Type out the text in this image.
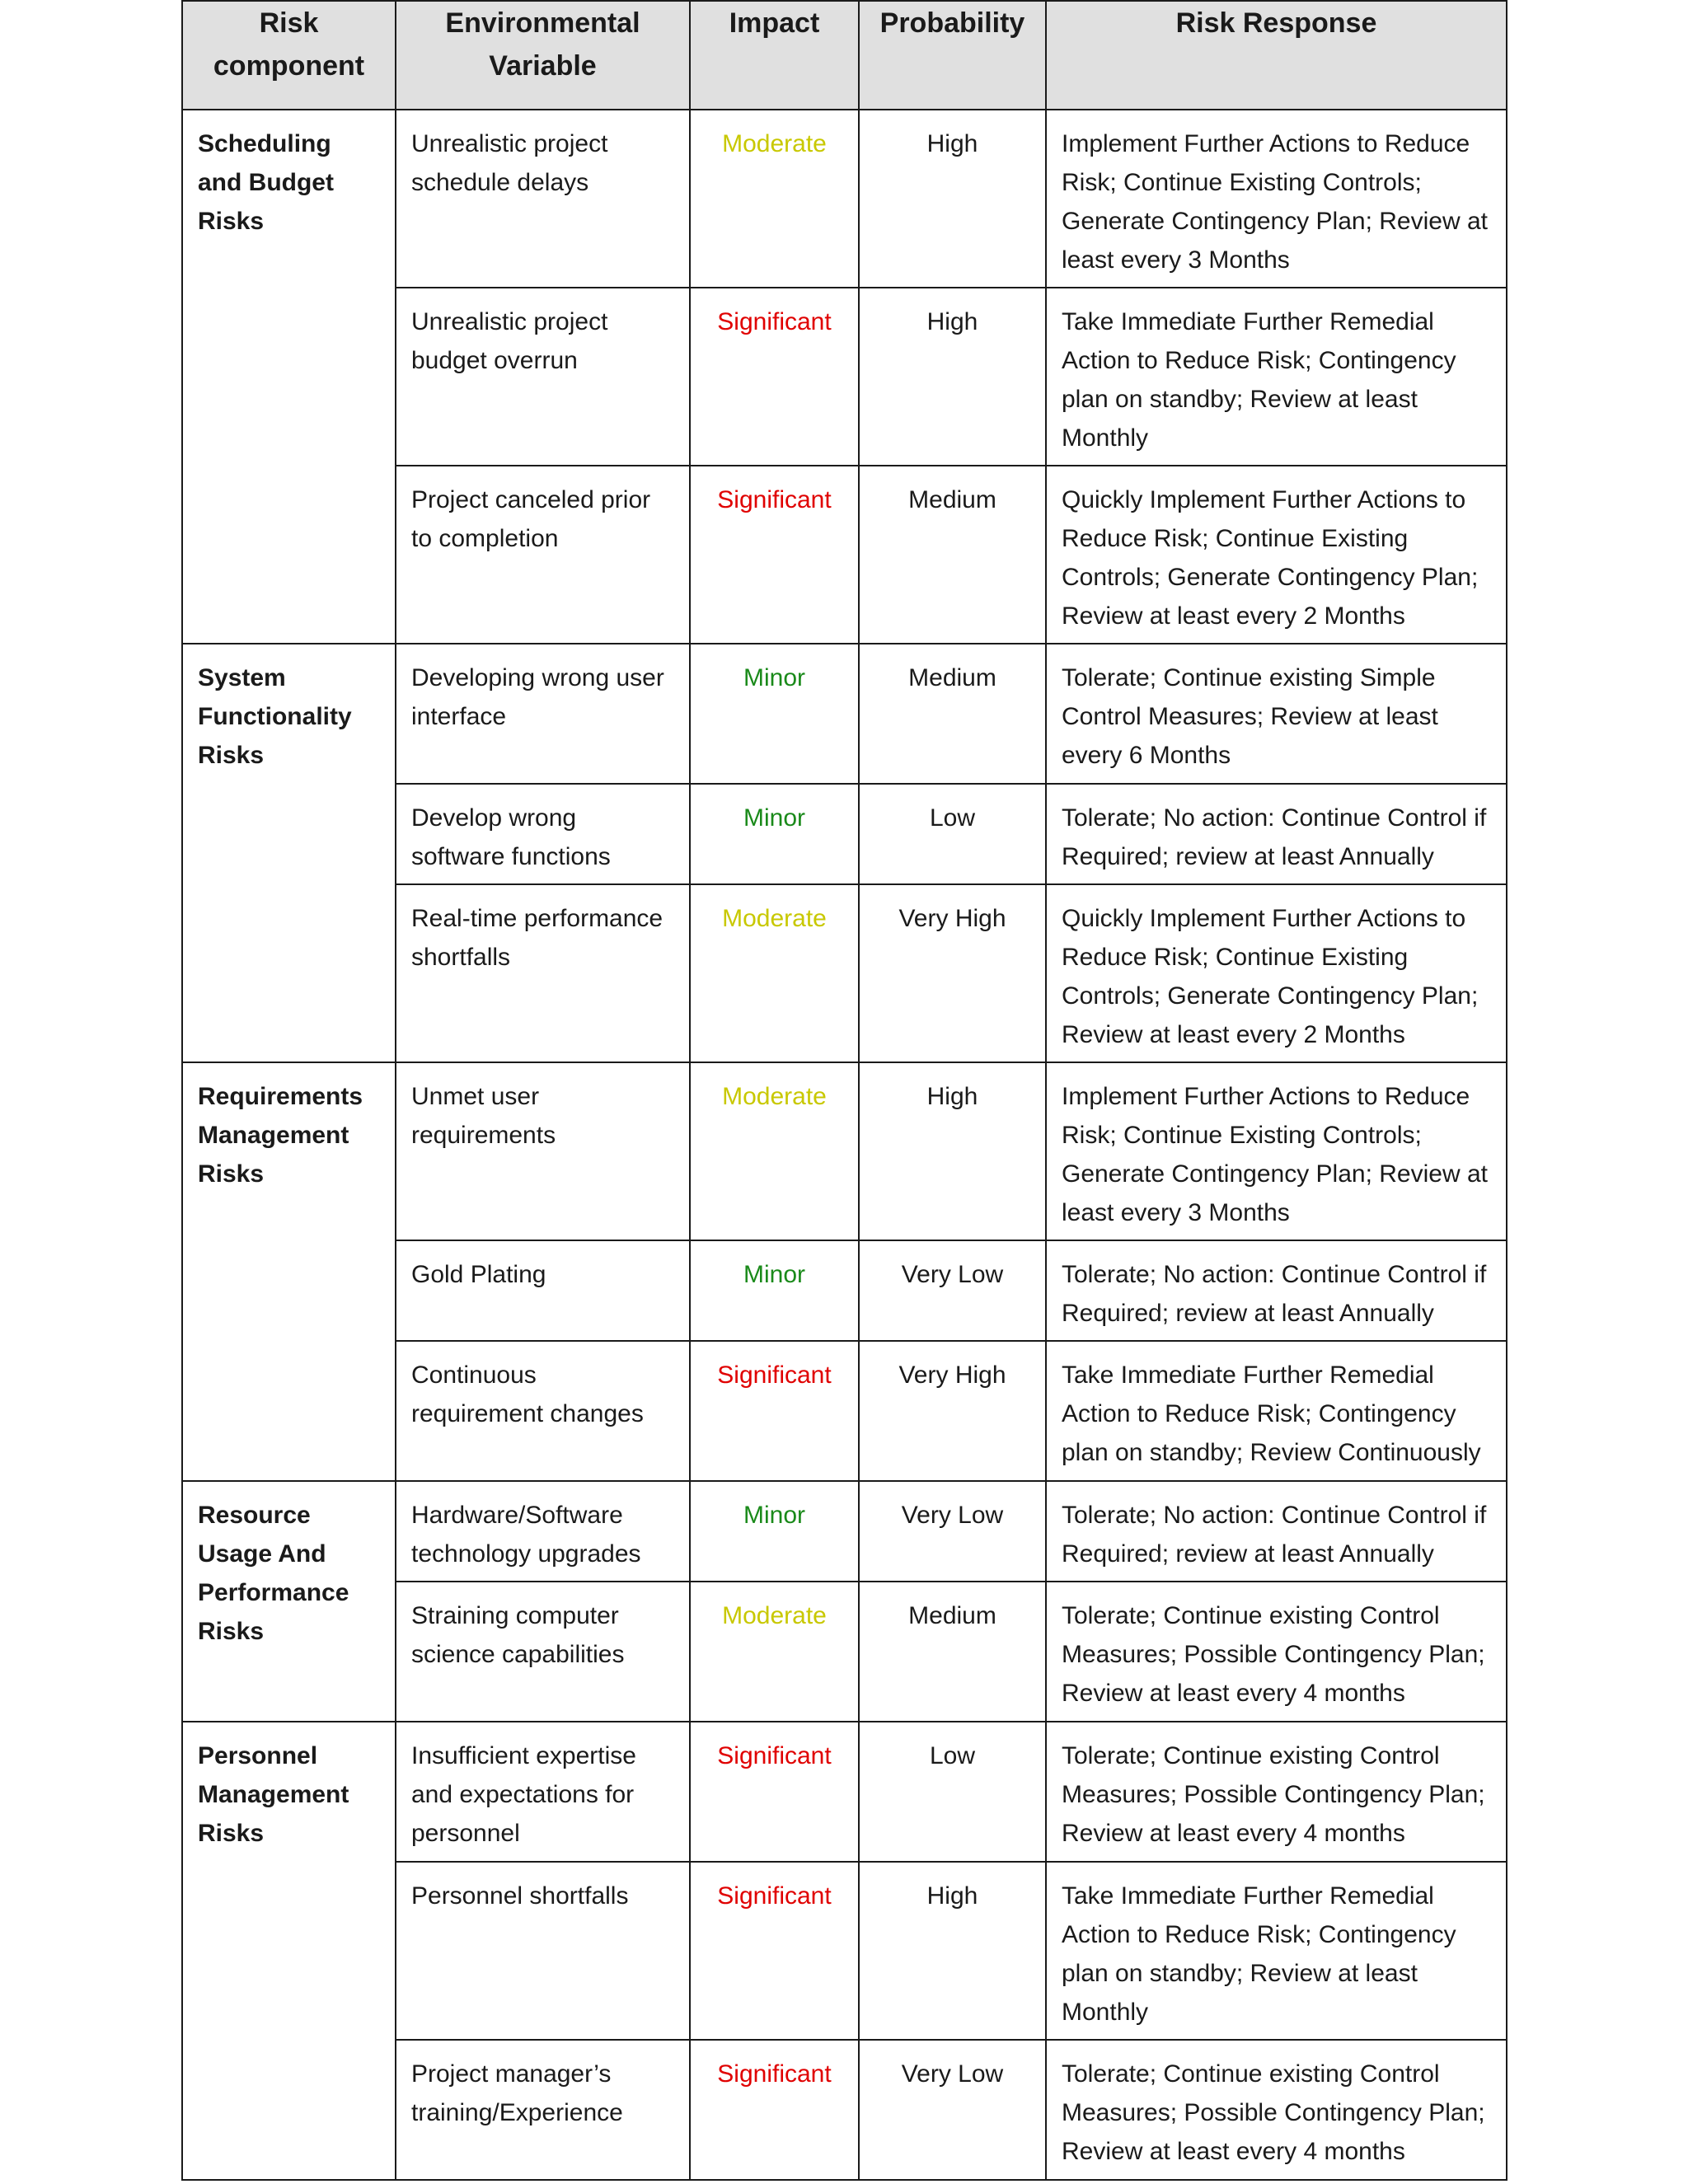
Risk component	Environmental Variable	Impact	Probability	Risk Response
Scheduling and Budget Risks	Unrealistic project schedule delays	Moderate	High	Implement Further Actions to Reduce Risk; Continue Existing Controls; Generate Contingency Plan; Review at least every 3 Months
	Unrealistic project budget overrun	Significant	High	Take Immediate Further Remedial Action to Reduce Risk; Contingency plan on standby; Review at least Monthly
	Project canceled prior to completion	Significant	Medium	Quickly Implement Further Actions to Reduce Risk; Continue Existing Controls; Generate Contingency Plan; Review at least every 2 Months
System Functionality Risks	Developing wrong user interface	Minor	Medium	Tolerate; Continue existing Simple Control Measures; Review at least every 6 Months
	Develop wrong software functions	Minor	Low	Tolerate; No action: Continue Control if Required; review at least Annually
	Real-time performance shortfalls	Moderate	Very High	Quickly Implement Further Actions to Reduce Risk; Continue Existing Controls; Generate Contingency Plan; Review at least every 2 Months
Requirements Management Risks	Unmet user requirements	Moderate	High	Implement Further Actions to Reduce Risk; Continue Existing Controls; Generate Contingency Plan; Review at least every 3 Months
	Gold Plating	Minor	Very Low	Tolerate; No action: Continue Control if Required; review at least Annually
	Continuous requirement changes	Significant	Very High	Take Immediate Further Remedial Action to Reduce Risk; Contingency plan on standby; Review Continuously
Resource Usage And Performance Risks	Hardware/Software technology upgrades	Minor	Very Low	Tolerate; No action: Continue Control if Required; review at least Annually
	Straining computer science capabilities	Moderate	Medium	Tolerate; Continue existing Control Measures; Possible Contingency Plan; Review at least every 4 months
Personnel Management Risks	Insufficient expertise and expectations for personnel	Significant	Low	Tolerate; Continue existing Control Measures; Possible Contingency Plan; Review at least every 4 months
	Personnel shortfalls	Significant	High	Take Immediate Further Remedial Action to Reduce Risk; Contingency plan on standby; Review at least Monthly
	Project manager’s training/Experience	Significant	Very Low	Tolerate; Continue existing Control Measures; Possible Contingency Plan; Review at least every 4 months
